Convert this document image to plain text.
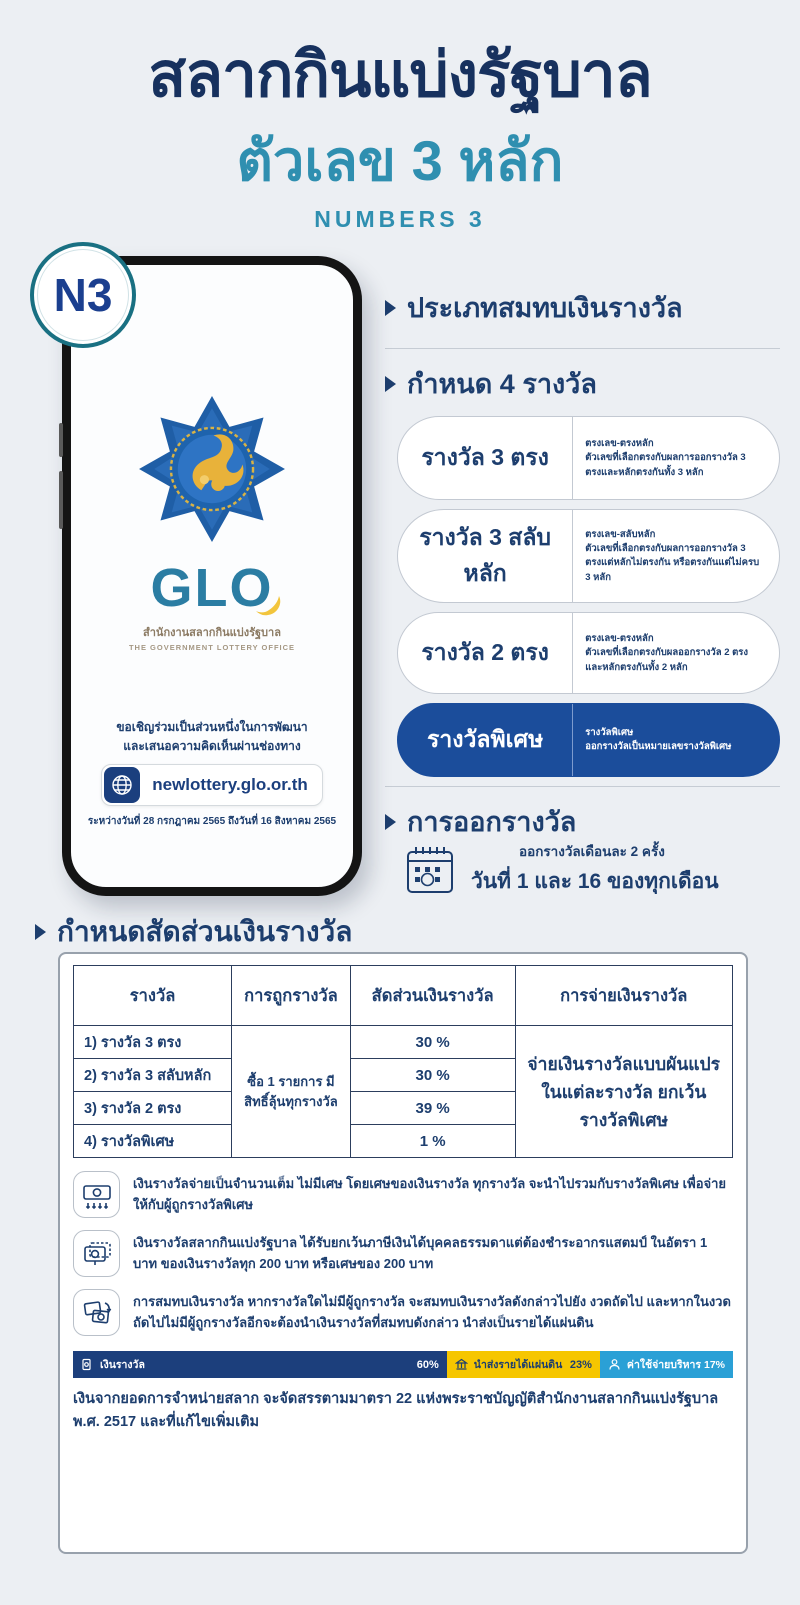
สลากกินแบ่งรัฐบาล
ตัวเลข 3 หลัก
NUMBERS 3
N3
GLO
สำนักงานสลากกินแบ่งรัฐบาล
THE GOVERNMENT LOTTERY OFFICE
ขอเชิญร่วมเป็นส่วนหนึ่งในการพัฒนา
และเสนอความคิดเห็นผ่านช่องทาง
newlottery.glo.or.th
ระหว่างวันที่ 28 กรกฎาคม 2565 ถึงวันที่ 16 สิงหาคม 2565
ประเภทสมทบเงินรางวัล
กำหนด 4 รางวัล
รางวัล 3 ตรง
ตรงเลข-ตรงหลัก
ตัวเลขที่เลือกตรงกับผลการออกรางวัล 3 ตรงและหลักตรงกันทั้ง 3 หลัก
รางวัล 3 สลับหลัก
ตรงเลข-สลับหลัก
ตัวเลขที่เลือกตรงกับผลการออกรางวัล 3 ตรงแต่หลักไม่ตรงกัน หรือตรงกันแต่ไม่ครบ 3 หลัก
รางวัล 2 ตรง
ตรงเลข-ตรงหลัก
ตัวเลขที่เลือกตรงกับผลออกรางวัล 2 ตรง และหลักตรงกันทั้ง 2 หลัก
รางวัลพิเศษ	รางวัลพิเศษ
ออกรางวัลเป็นหมายเลขรางวัลพิเศษ
การออกรางวัล
ออกรางวัลเดือนละ 2 ครั้ง
วันที่ 1 และ 16 ของทุกเดือน
กำหนดสัดส่วนเงินรางวัล
รางวัล	การถูกรางวัล	สัดส่วนเงินรางวัล	การจ่ายเงินรางวัล
1) รางวัล 3 ตรง	ซื้อ 1 รายการ มีสิทธิ์ลุ้นทุกรางวัล	30 %	จ่ายเงินรางวัลแบบผันแปร ในแต่ละรางวัล ยกเว้น รางวัลพิเศษ
2) รางวัล 3 สลับหลัก		30 %	
3) รางวัล 2 ตรง		39 %	
4) รางวัลพิเศษ		1 %	
เงินรางวัลจ่ายเป็นจำนวนเต็ม ไม่มีเศษ โดยเศษของเงินรางวัล ทุกรางวัล จะนำไปรวมกับรางวัลพิเศษ เพื่อจ่ายให้กับผู้ถูกรางวัลพิเศษ
เงินรางวัลสลากกินแบ่งรัฐบาล ได้รับยกเว้นภาษีเงินได้บุคคลธรรมดาแต่ต้องชำระอากรแสตมป์ ในอัตรา 1 บาท ของเงินรางวัลทุก 200 บาท หรือเศษของ 200 บาท
การสมทบเงินรางวัล หากรางวัลใดไม่มีผู้ถูกรางวัล จะสมทบเงินรางวัลดังกล่าวไปยัง งวดถัดไป และหากในงวดถัดไปไม่มีผู้ถูกรางวัลอีกจะต้องนำเงินรางวัลที่สมทบดังกล่าว นำส่งเป็นรายได้แผ่นดิน
เงินรางวัล	60%	นำส่งรายได้แผ่นดิน 23%	ค่าใช้จ่ายบริหาร 17%
เงินจากยอดการจำหน่ายสลาก จะจัดสรรตามมาตรา 22 แห่งพระราชบัญญัติสำนักงานสลากกินแบ่งรัฐบาล พ.ศ. 2517 และที่แก้ไขเพิ่มเติม
